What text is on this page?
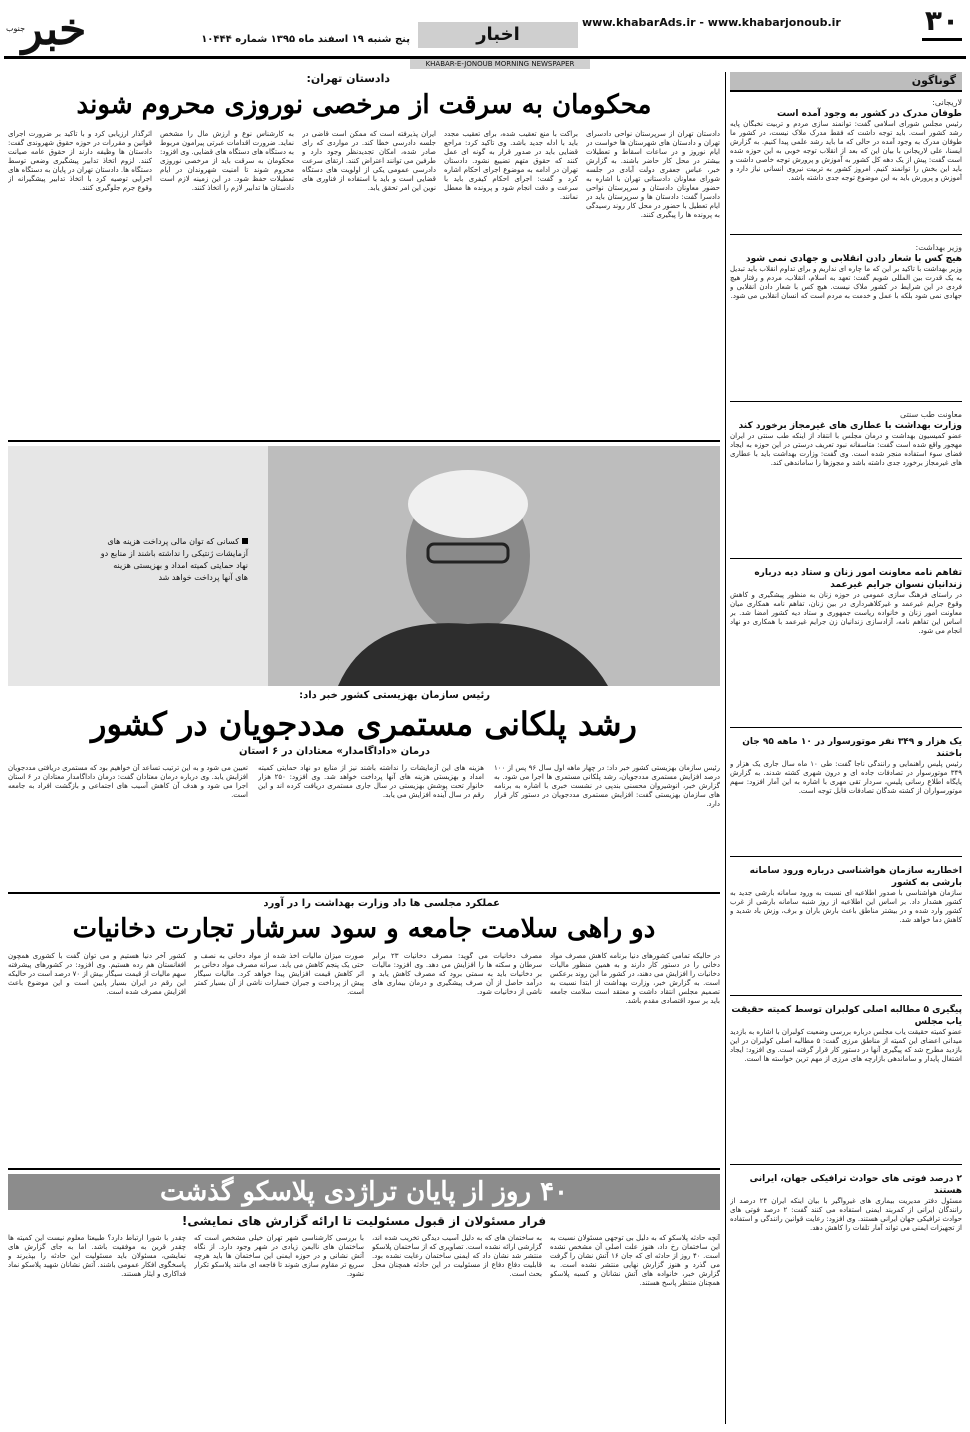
۳۰
www.khabarAds.ir - www.khabarjonoub.ir
اخبار
پنج شنبه ۱۹ اسفند ماه ۱۳۹۵ شماره ۱۰۴۴۴
خبر
جنوب
KHABAR-E-JONOUB MORNING NEWSPAPER
گوناگون
لاریجانی:
طوفان مدرک در کشور به وجود آمده است
رئیس مجلس شورای اسلامی گفت: توانمند سازی مردم و تربیت نخبگان پایه رشد کشور است. باید توجه داشت که فقط مدرک ملاک نیست، در کشور ما طوفان مدرک به وجود آمده در حالی که ما باید رشد علمی پیدا کنیم. به گزارش ایسنا، علی لاریجانی با بیان این که بعد از انقلاب توجه خوبی به این حوزه شده است گفت: پیش از یک دهه کل کشور به آموزش و پرورش توجه خاصی داشت و باید این بخش را توانمند کنیم. امروز کشور به تربیت نیروی انسانی نیاز دارد و آموزش و پرورش باید به این موضوع توجه جدی داشته باشد.
وزیر بهداشت:
هیچ کس با شعار دادن انقلابی و جهادی نمی شود
وزیر بهداشت با تاکید بر این که ما چاره ای نداریم و برای تداوم انقلاب باید تبدیل به یک قدرت بین المللی شویم گفت: تعهد به اسلام، انقلاب، مردم و رفتار هیچ فردی در این شرایط در کشور ملاک نیست. هیچ کس با شعار دادن انقلابی و جهادی نمی شود بلکه با عمل و خدمت به مردم است که انسان انقلابی می شود.
معاونت طب سنتی
وزارت بهداشت با عطاری های غیرمجاز برخورد کند
عضو کمیسیون بهداشت و درمان مجلس با انتقاد از اینکه طب سنتی در ایران مهجور واقع شده است گفت: متاسفانه نبود تعریف درستی در این حوزه به ایجاد فضای سوء استفاده منجر شده است. وی گفت: وزارت بهداشت باید با عطاری های غیرمجاز برخورد جدی داشته باشد و مجوزها را ساماندهی کند.
تفاهم نامه معاونت امور زنان و ستاد دیه درباره زندانیان نسوان جرایم غیرعمد
در راستای فرهنگ سازی عمومی در حوزه زنان به منظور پیشگیری و کاهش وقوع جرایم غیرعمد و غیرکلاهبرداری در بین زنان، تفاهم نامه همکاری میان معاونت امور زنان و خانواده ریاست جمهوری و ستاد دیه کشور امضا شد. بر اساس این تفاهم نامه، آزادسازی زندانیان زن جرایم غیرعمد با همکاری دو نهاد انجام می شود.
یک هزار و ۳۴۹ نفر موتورسوار در ۱۰ ماهه ۹۵ جان باختند
رئیس پلیس راهنمایی و رانندگی ناجا گفت: طی ۱۰ ماه سال جاری یک هزار و ۳۴۹ موتورسوار در تصادفات جاده ای و درون شهری کشته شدند. به گزارش پایگاه اطلاع رسانی پلیس، سردار تقی مهری با اشاره به این آمار افزود: سهم موتورسواران از کشته شدگان تصادفات قابل توجه است.
اخطاریه سازمان هواشناسی درباره ورود سامانه بارشی به کشور
سازمان هواشناسی با صدور اطلاعیه ای نسبت به ورود سامانه بارشی جدید به کشور هشدار داد. بر اساس این اطلاعیه از روز شنبه سامانه بارشی از غرب کشور وارد شده و در بیشتر مناطق باعث بارش باران و برف، وزش باد شدید و کاهش دما خواهد شد.
پیگیری ۵ مطالبه اصلی کولبران توسط کمیته حقیقت یاب مجلس
عضو کمیته حقیقت یاب مجلس درباره بررسی وضعیت کولبران با اشاره به بازدید میدانی اعضای این کمیته از مناطق مرزی گفت: ۵ مطالبه اصلی کولبران در این بازدید مطرح شد که پیگیری آنها در دستور کار قرار گرفته است. وی افزود: ایجاد اشتغال پایدار و ساماندهی بازارچه های مرزی از مهم ترین خواسته ها است.
۲ درصد فوتی های حوادث ترافیکی جهان، ایرانی هستند
مسئول دفتر مدیریت بیماری های غیرواگیر با بیان اینکه ایران ۲۴ درصد از رانندگان ایرانی از کمربند ایمنی استفاده می کنند گفت: ۲ درصد فوتی های حوادث ترافیکی جهان ایرانی هستند. وی افزود: رعایت قوانین رانندگی و استفاده از تجهیزات ایمنی می تواند آمار تلفات را کاهش دهد.
دادستان تهران:
محکومان به سرقت از مرخصی نوروزی محروم شوند
دادستان تهران از سرپرستان نواحی دادسرای تهران و دادستان های شهرستان ها خواست در ایام نوروز و در ساعات اسقاط و تعطیلات بیشتر در محل کار حاضر باشند. به گزارش خبر، عباس جعفری دولت آبادی در جلسه شورای معاونان دادستانی تهران با اشاره به حضور معاونان دادستان و سرپرستان نواحی دادسرا گفت: دادستان ها و سرپرستان باید در ایام تعطیل با حضور در محل کار روند رسیدگی به پرونده ها را پیگیری کنند.
براکت با منع تعقیب شده، برای تعقیب مجدد باید با ادله جدید باشد. وی تاکید کرد: مراجع قضایی باید در صدور قرار به گونه ای عمل کنند که حقوق متهم تضییع نشود. دادستان تهران در ادامه به موضوع اجرای احکام اشاره کرد و گفت: اجرای احکام کیفری باید با سرعت و دقت انجام شود و پرونده ها معطل نمانند.
ایران پذیرفته است که ممکن است قاضی در جلسه دادرسی خطا کند. در مواردی که رای صادر شده، امکان تجدیدنظر وجود دارد و طرفین می توانند اعتراض کنند. ارتقای سرعت دادرسی عمومی یکی از اولویت های دستگاه قضایی است و باید با استفاده از فناوری های نوین این امر تحقق یابد.
به کارشناس نوع و ارزش مال را مشخص نماید. ضرورت اقدامات عبرتی پیرامون مربوط به دستگاه های دستگاه های قضایی. وی افزود: محکومان به سرقت باید از مرخصی نوروزی محروم شوند تا امنیت شهروندان در ایام تعطیلات حفظ شود. در این زمینه لازم است دادستان ها تدابیر لازم را اتخاذ کنند.
اثرگذار ارزیابی کرد و با تاکید بر ضرورت اجرای قوانین و مقررات در حوزه حقوق شهروندی گفت: دادستان ها وظیفه دارند از حقوق عامه صیانت کنند. لزوم اتخاذ تدابیر پیشگیری وضعی توسط دستگاه ها. دادستان تهران در پایان به دستگاه های اجرایی توصیه کرد با اتخاذ تدابیر پیشگیرانه از وقوع جرم جلوگیری کنند.
کسانی که توان مالی پرداخت هزینه های آزمایشات ژنتیکی را نداشته باشند از منابع دو نهاد حمایتی کمیته امداد و بهزیستی هزینه های آنها پرداخت خواهد شد
رئیس سازمان بهزیستی کشور خبر داد:
رشد پلکانی مستمری مددجویان در کشور
درمان «داداگامدار» معتادان در ۶ استان
رئیس سازمان بهزیستی کشور خبر داد: در چهار ماهه اول سال ۹۶ پس از ۱۰۰ درصد افزایش مستمری مددجویان، رشد پلکانی مستمری ها اجرا می شود. به گزارش خبر، انوشیروان محسنی بندپی در نشست خبری با اشاره به برنامه های سازمان بهزیستی گفت: افزایش مستمری مددجویان در دستور کار قرار دارد.
هزینه های این آزمایشات را نداشته باشند نیز از منابع دو نهاد حمایتی کمیته امداد و بهزیستی هزینه های آنها پرداخت خواهد شد. وی افزود: ۲۵۰ هزار خانوار تحت پوشش بهزیستی در سال جاری مستمری دریافت کرده اند و این رقم در سال آینده افزایش می یابد.
تعیین می شود و به این ترتیب تساعد آن خواهیم بود که مستمری دریافتی مددجویان افزایش یابد. وی درباره درمان معتادان گفت: درمان داداگامدار معتادان در ۶ استان اجرا می شود و هدف آن کاهش آسیب های اجتماعی و بازگشت افراد به جامعه است.
عملکرد مجلسی ها داد وزارت بهداشت را در آورد
دو راهی سلامت جامعه و سود سرشار تجارت دخانیات
در حالیکه تمامی کشورهای دنیا برنامه کاهش مصرف مواد دخانی را در دستور کار دارند و به همین منظور مالیات دخانیات را افزایش می دهند، در کشور ما این روند برعکس است. به گزارش خبر، وزارت بهداشت از ابتدا نسبت به تصمیم مجلس انتقاد داشت و معتقد است سلامت جامعه باید بر سود اقتصادی مقدم باشد.
مصرف دخانیات می گوید: مصرف دخانیات ۲۳ برابر سرطان و سکته ها را افزایش می دهد. وی افزود: مالیات بر دخانیات باید به سمتی برود که مصرف کاهش یابد و درآمد حاصل از آن صرف پیشگیری و درمان بیماری های ناشی از دخانیات شود.
صورت میزان مالیات اخذ شده از مواد دخانی به نصف و حتی یک پنجم کاهش می یابد. سرانه مصرف مواد دخانی بر اثر کاهش قیمت افزایش پیدا خواهد کرد. مالیات سیگار پیش از پرداخت و جبران خسارات ناشی از آن بسیار کمتر است.
کشور آخر دنیا هستیم و می توان گفت با کشوری همچون افغانستان هم رده هستیم. وی افزود: در کشورهای پیشرفته سهم مالیات از قیمت سیگار بیش از ۷۰ درصد است در حالیکه این رقم در ایران بسیار پایین است و این موضوع باعث افزایش مصرف شده است.
۴۰ روز از پایان تراژدی پلاسکو گذشت
فرار مسئولان از قبول مسئولیت تا ارائه گزارش های نمایشی!
آنچه حادثه پلاسکو که به دلیل بی توجهی مسئولان نسبت به این ساختمان رخ داد، هنوز علت اصلی آن مشخص نشده است. ۴۰ روز از حادثه ای که جان ۱۶ آتش نشان را گرفت می گذرد و هنوز گزارش نهایی منتشر نشده است. به گزارش خبر، خانواده های آتش نشانان و کسبه پلاسکو همچنان منتظر پاسخ هستند.
به ساختمان های که به دلیل آسیب دیدگی تخریب شده اند، گزارشی ارائه نشده است. تصاویری که از ساختمان پلاسکو منتشر شد نشان داد که ایمنی ساختمان رعایت نشده بود. قابلیت دفاع دفاع از مسئولیت در این حادثه همچنان محل بحث است.
با بررسی کارشناسی شهر تهران خیلی مشخص است که ساختمان های ناایمن زیادی در شهر وجود دارد. از نگاه آتش نشانی و در حوزه ایمنی این ساختمان ها باید هرچه سریع تر مقاوم سازی شوند تا فاجعه ای مانند پلاسکو تکرار نشود.
چقدر با شورا ارتباط دارد؟ طبیعتا معلوم نیست این کمیته ها چقدر قرین به موفقیت باشد. اما به جای گزارش های نمایشی، مسئولان باید مسئولیت این حادثه را بپذیرند و پاسخگوی افکار عمومی باشند. آتش نشانان شهید پلاسکو نماد فداکاری و ایثار هستند.
